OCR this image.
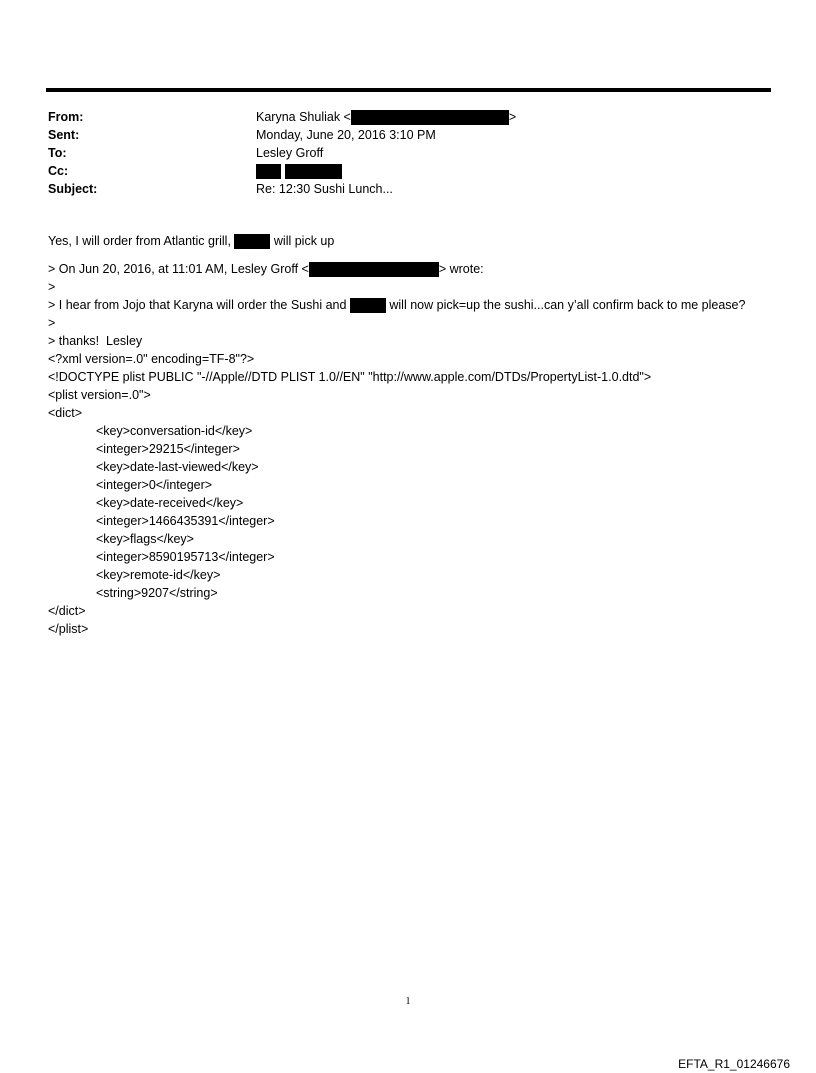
From:	Karyna Shuliak <	>
Sent:	Monday, June 20, 2016 3:10 PM
To:	Lesley Groff
Cc:
Subject:	Re: 12:30 Sushi Lunch...
Yes, I will order from Atlantic grill,	will pick up
> On Jun 20, 2016, at 11:01 AM, Lesley Groff <	> wrote:
>
> I hear from Jojo that Karyna will order the Sushi and	will now pick=up the sushi...can y’all confirm back to me please?
>
> thanks!  Lesley
<?xml version=.0" encoding=TF-8"?>
<!DOCTYPE plist PUBLIC "-//Apple//DTD PLIST 1.0//EN" "http://www.apple.com/DTDs/PropertyList-1.0.dtd">
<plist version=.0">
<dict>
<key>conversation-id</key>
<integer>29215</integer>
<key>date-last-viewed</key>
<integer>0</integer>
<key>date-received</key>
<integer>1466435391</integer>
<key>flags</key>
<integer>8590195713</integer>
<key>remote-id</key>
<string>9207</string>
</dict>
</plist>
1
EFTA_R1_01246676
